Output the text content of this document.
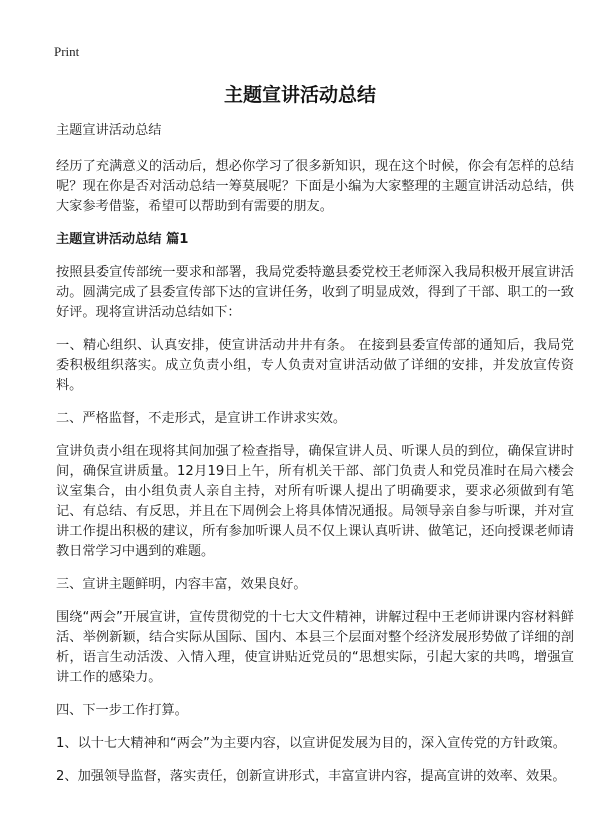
Print
主题宣讲活动总结

主题宣讲活动总结

经历了充满意义的活动后，想必你学习了很多新知识，现在这个时候，你会有怎样的总结呢？现在你是否对活动总结一筹莫展呢？下面是小编为大家整理的主题宣讲活动总结，供大家参考借鉴，希望可以帮助到有需要的朋友。

主题宣讲活动总结 篇1

按照县委宣传部统一要求和部署，我局党委特邀县委党校王老师深入我局积极开展宣讲活动。圆满完成了县委宣传部下达的宣讲任务，收到了明显成效，得到了干部、职工的一致好评。现将宣讲活动总结如下：

一、精心组织、认真安排，使宣讲活动井井有条。 在接到县委宣传部的通知后，我局党委积极组织落实。成立负责小组，专人负责对宣讲活动做了详细的安排，并发放宣传资料。

二、严格监督，不走形式，是宣讲工作讲求实效。

宣讲负责小组在现将其间加强了检查指导，确保宣讲人员、听课人员的到位，确保宣讲时间，确保宣讲质量。12月19日上午，所有机关干部、部门负责人和党员准时在局六楼会议室集合，由小组负责人亲自主持，对所有听课人提出了明确要求，要求必须做到有笔记、有总结、有反思，并且在下周例会上将具体情况通报。局领导亲自参与听课，并对宣讲工作提出积极的建议，所有参加听课人员不仅上课认真听讲、做笔记，还向授课老师请教日常学习中遇到的难题。

三、宣讲主题鲜明，内容丰富，效果良好。

围绕“两会”开展宣讲，宣传贯彻党的十七大文件精神，讲解过程中王老师讲课内容材料鲜活、举例新颖，结合实际从国际、国内、本县三个层面对整个经济发展形势做了详细的剖析，语言生动活泼、入情入理，使宣讲贴近党员的“思想实际，引起大家的共鸣，增强宣讲工作的感染力。

四、下一步工作打算。

1、以十七大精神和“两会”为主要内容，以宣讲促发展为目的，深入宣传党的方针政策。

2、加强领导监督，落实责任，创新宣讲形式，丰富宣讲内容，提高宣讲的效率、效果。
